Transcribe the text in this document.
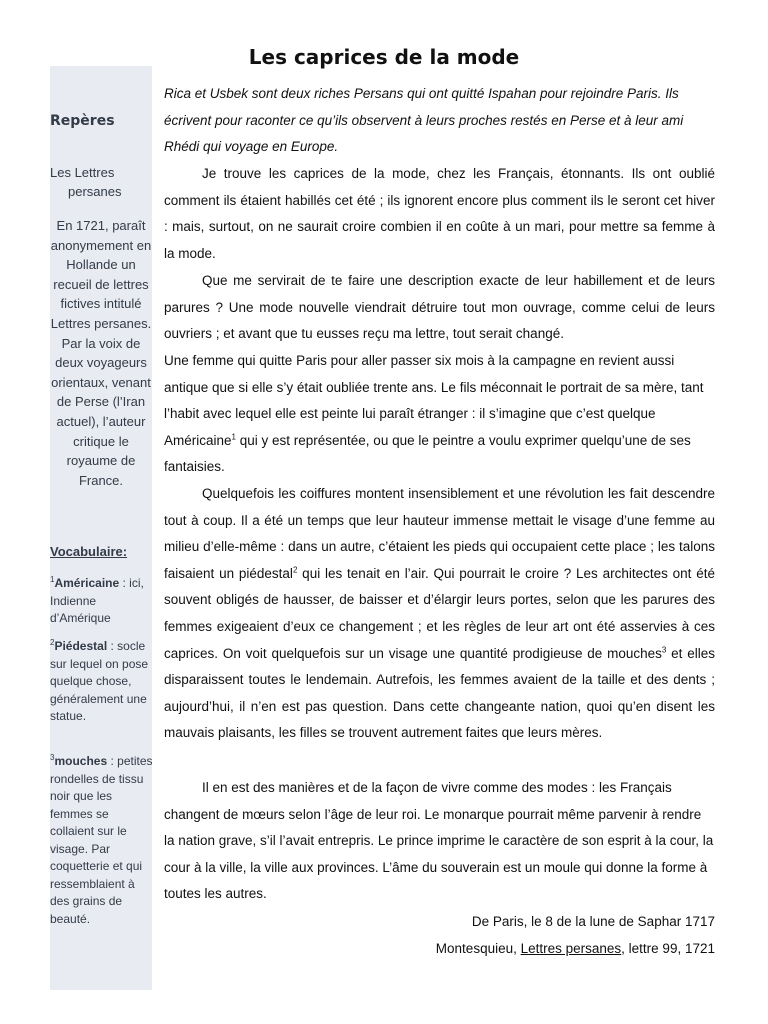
Les caprices de la mode
Repères
Les Lettres
persanes
En 1721, paraît anonymement en Hollande un recueil de lettres fictives intitulé Lettres persanes. Par la voix de deux voyageurs orientaux, venant de Perse (l’Iran actuel), l’auteur critique le royaume de France.
Vocabulaire:
$^1$Américaine : ici, Indienne d’Amérique
$^2$Piédestal : socle sur lequel on pose quelque chose, généralement une statue.
$^3$mouches : petites rondelles de tissu noir que les femmes se collaient sur le visage. Par coquetterie et qui ressemblaient à des grains de beauté.
Rica et Usbek sont deux riches Persans qui ont quitté Ispahan pour rejoindre Paris. Ils écrivent pour raconter ce qu’ils observent à leurs proches restés en Perse et à leur ami Rhédi qui voyage en Europe.
Je trouve les caprices de la mode, chez les Français, étonnants. Ils ont oublié comment ils étaient habillés cet été ; ils ignorent encore plus comment ils le seront cet hiver : mais, surtout, on ne saurait croire combien il en coûte à un mari, pour mettre sa femme à la mode.
Que me servirait de te faire une description exacte de leur habillement et de leurs parures ? Une mode nouvelle viendrait détruire tout mon ouvrage, comme celui de leurs ouvriers ; et avant que tu eusses reçu ma lettre, tout serait changé.
Une femme qui quitte Paris pour aller passer six mois à la campagne en revient aussi antique que si elle s’y était oubliée trente ans. Le fils méconnait le portrait de sa mère, tant l’habit avec lequel elle est peinte lui paraît étranger : il s’imagine que c’est quelque Américaine$^1$ qui y est représentée, ou que le peintre a voulu exprimer quelqu’une de ses fantaisies.
Quelquefois les coiffures montent insensiblement et une révolution les fait descendre tout à coup. Il a été un temps que leur hauteur immense mettait le visage d’une femme au milieu d’elle-même : dans un autre, c’étaient les pieds qui occupaient cette place ; les talons faisaient un piédestal$^2$ qui les tenait en l’air. Qui pourrait le croire ? Les architectes ont été souvent obligés de hausser, de baisser et d’élargir leurs portes, selon que les parures des femmes exigeaient d’eux ce changement ; et les règles de leur art ont été asservies à ces caprices. On voit quelquefois sur un visage une quantité prodigieuse de mouches$^3$ et elles disparaissent toutes le lendemain. Autrefois, les femmes avaient de la taille et des dents ; aujourd’hui, il n’en est pas question. Dans cette changeante nation, quoi qu’en disent les mauvais plaisants, les filles se trouvent autrement faites que leurs mères.
Il en est des manières et de la façon de vivre comme des modes : les Français changent de mœurs selon l’âge de leur roi. Le monarque pourrait même parvenir à rendre la nation grave, s’il l’avait entrepris. Le prince imprime le caractère de son esprit à la cour, la cour à la ville, la ville aux provinces. L’âme du souverain est un moule qui donne la forme à toutes les autres.
De Paris, le 8 de la lune de Saphar 1717
Montesquieu, Lettres persanes, lettre 99, 1721
